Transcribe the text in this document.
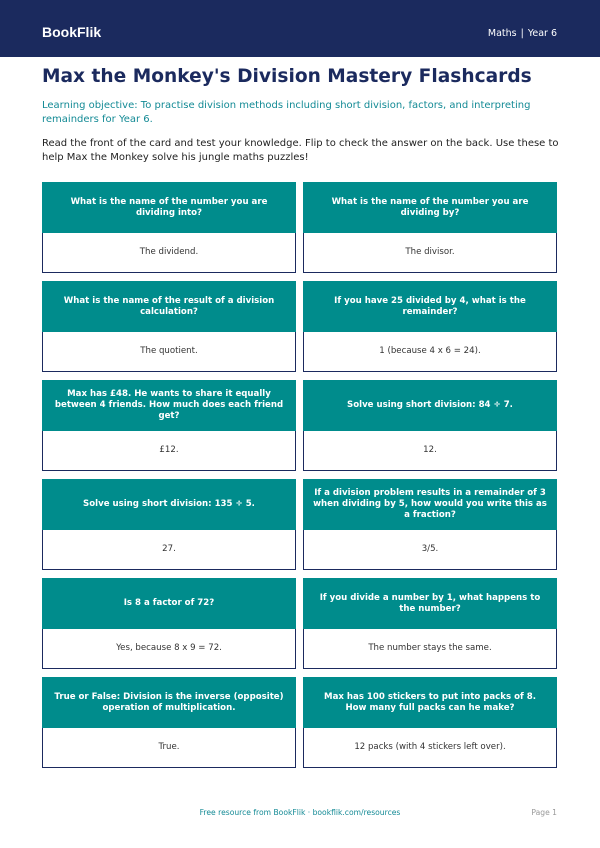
BookFlik	Maths | Year 6
Max the Monkey's Division Mastery Flashcards

Learning objective: To practise division methods including short division, factors, and interpreting remainders for Year 6.

Read the front of the card and test your knowledge. Flip to check the answer on the back. Use these to help Max the Monkey solve his jungle maths puzzles!

What is the name of the number you are dividing into?
The dividend.
What is the name of the number you are dividing by?
The divisor.
What is the name of the result of a division calculation?
The quotient.
If you have 25 divided by 4, what is the remainder?
1 (because 4 x 6 = 24).
Max has £48. He wants to share it equally between 4 friends. How much does each friend get?
£12.
Solve using short division: 84 ÷ 7.
12.
Solve using short division: 135 ÷ 5.
27.
If a division problem results in a remainder of 3 when dividing by 5, how would you write this as a fraction?
3/5.
Is 8 a factor of 72?
Yes, because 8 x 9 = 72.
If you divide a number by 1, what happens to the number?
The number stays the same.
True or False: Division is the inverse (opposite) operation of multiplication.
True.
Max has 100 stickers to put into packs of 8. How many full packs can he make?
12 packs (with 4 stickers left over).
Free resource from BookFlik · bookflik.com/resources	Page 1
